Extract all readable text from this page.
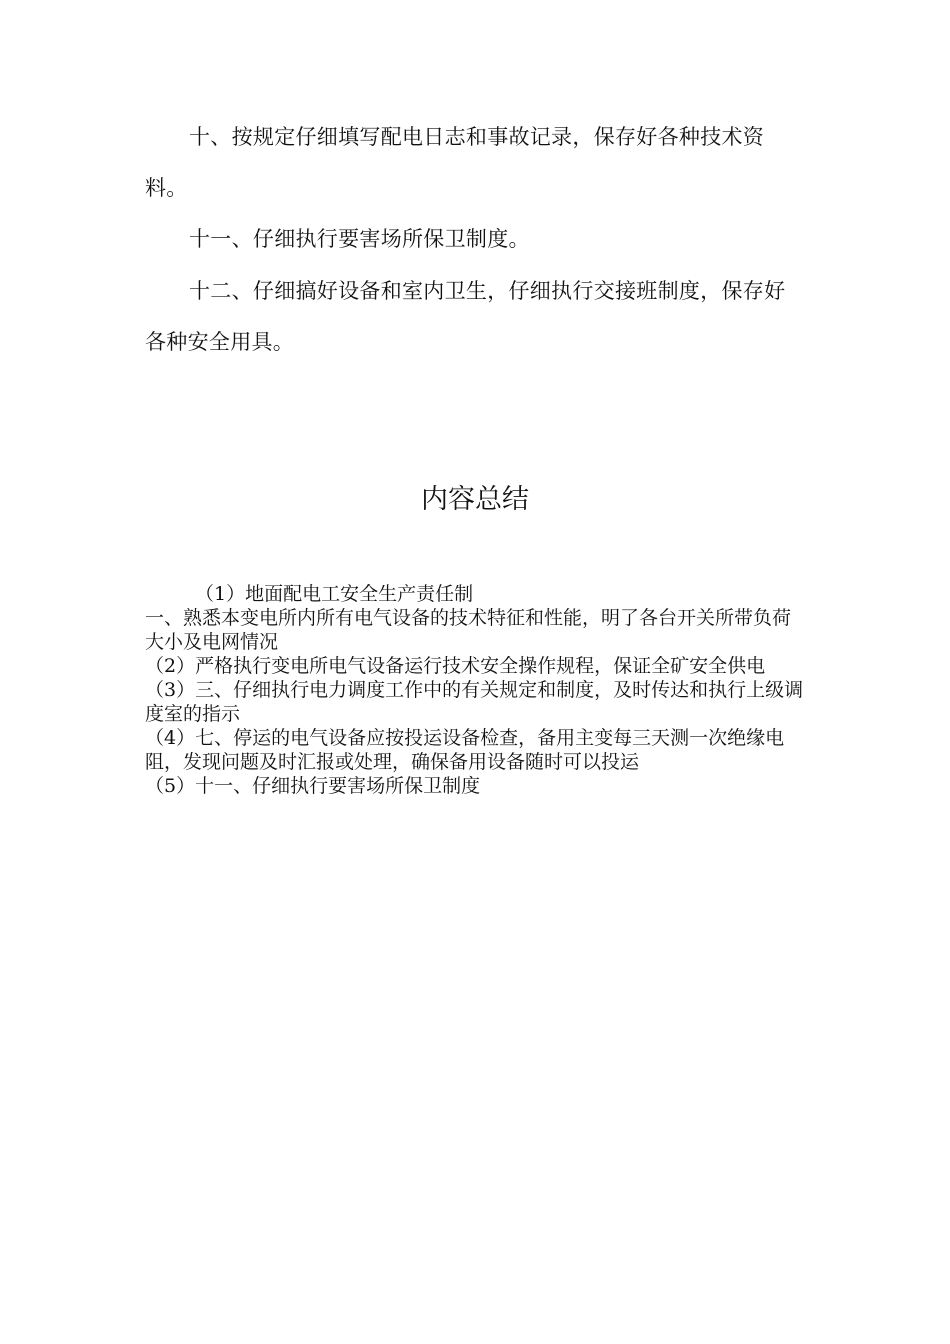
十、按规定仔细填写配电日志和事故记录，保存好各种技术资料。

十一、仔细执行要害场所保卫制度。

十二、仔细搞好设备和室内卫生，仔细执行交接班制度，保存好各种安全用具。

内容总结

（1）地面配电工安全生产责任制

一、熟悉本变电所内所有电气设备的技术特征和性能，明了各台开关所带负荷大小及电网情况

（2）严格执行变电所电气设备运行技术安全操作规程，保证全矿安全供电

（3）三、仔细执行电力调度工作中的有关规定和制度，及时传达和执行上级调度室的指示

（4）七、停运的电气设备应按投运设备检查，备用主变每三天测一次绝缘电阻，发现问题及时汇报或处理，确保备用设备随时可以投运

（5）十一、仔细执行要害场所保卫制度
